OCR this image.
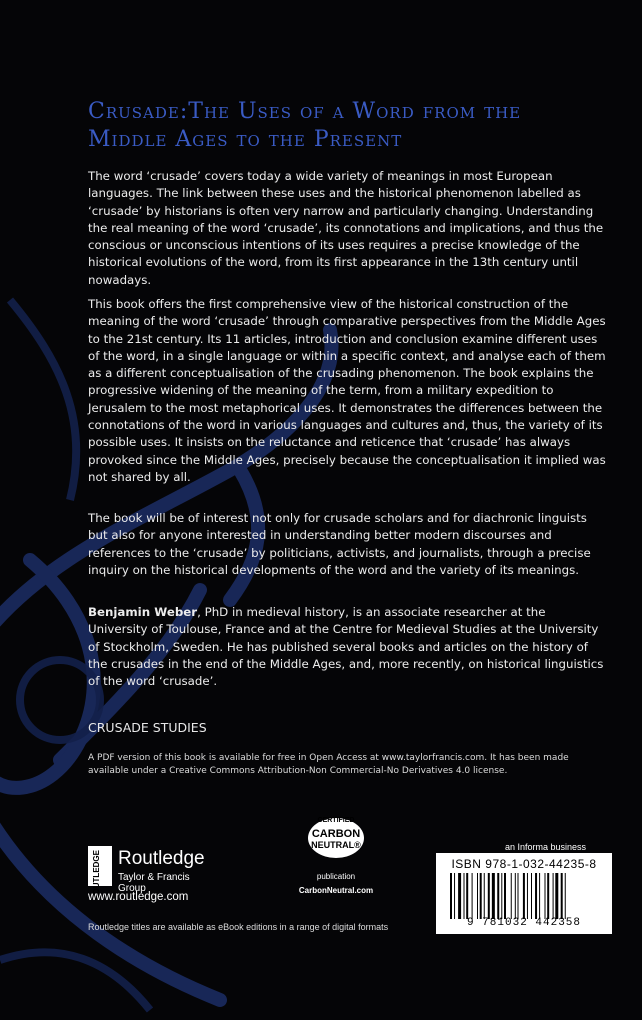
Crusade:The Uses of a Word from the Middle Ages to the Present

The word ‘crusade’ covers today a wide variety of meanings in most European languages. The link between these uses and the historical phenomenon labelled as ‘crusade’ by historians is often very narrow and particularly changing. Understanding the real meaning of the word ‘crusade’, its connotations and implications, and thus the conscious or unconscious intentions of its uses requires a precise knowledge of the historical evolutions of the word, from its first appearance in the 13th century until nowadays.

This book offers the first comprehensive view of the historical construction of the meaning of the word ‘crusade’ through comparative perspectives from the Middle Ages to the 21st century. Its 11 articles, introduction and conclusion examine different uses of the word, in a single language or within a specific context, and analyse each of them as a different conceptualisation of the crusading phenomenon. The book explains the progressive widening of the meaning of the term, from a military expedition to Jerusalem to the most metaphorical uses. It demonstrates the differences between the connotations of the word in various languages and cultures and, thus, the variety of its possible uses. It insists on the reluctance and reticence that ‘crusade’ has always provoked since the Middle Ages, precisely because the conceptualisation it implied was not shared by all.

The book will be of interest not only for crusade scholars and for diachronic linguists but also for anyone interested in understanding better modern discourses and references to the ‘crusade’ by politicians, activists, and journalists, through a precise inquiry on the historical developments of the word and the variety of its meanings.

Benjamin Weber, PhD in medieval history, is an associate researcher at the University of Toulouse, France and at the Centre for Medieval Studies at the University of Stockholm, Sweden. He has published several books and articles on the history of the crusades in the end of the Middle Ages, and, more recently, on historical linguistics of the word ‘crusade’.

CRUSADE STUDIES
A PDF version of this book is available for free in Open Access at www.taylorfrancis.com. It has been made available under a Creative Commons Attribution-Non Commercial-No Derivatives 4.0 license.
ROUTLEDGE Routledge
Taylor & Francis Group
www.routledge.com
CERTIFIED
CARBON
NEUTRAL®
publication
CarbonNeutral.com
an Informa business
ISBN 978-1-032-44235-8
9 781032 442358
Routledge titles are available as eBook editions in a range of digital formats
